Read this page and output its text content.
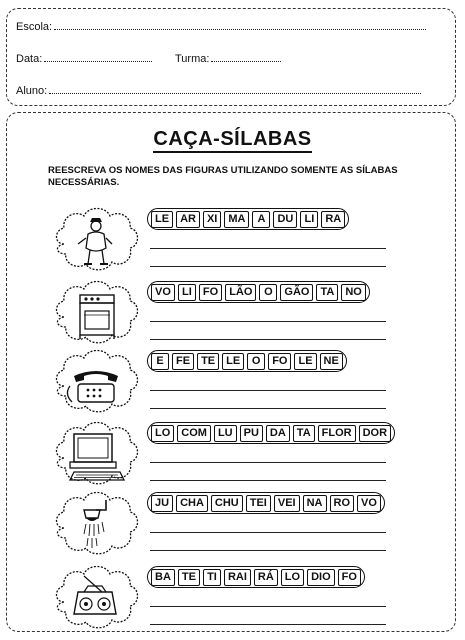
Escola:
Data:	Turma:
Aluno:
CAÇA-SÍLABAS
REESCREVA OS NOMES DAS FIGURAS UTILIZANDO SOMENTE AS SÍLABAS NECESSÁRIAS.
LE	AR	XI	MA	A	DU	LI	RA
VO	LI	FO	LÃO	O	GÃO	TA	NO
E	FE	TE	LE	O	FO	LE	NE
LO	COM	LU	PU	DA	TA	FLOR	DOR
JU	CHA	CHU	TEI	VEI	NA	RO	VO
BA	TE	TI	RAI	RÁ	LO	DIO	FO
